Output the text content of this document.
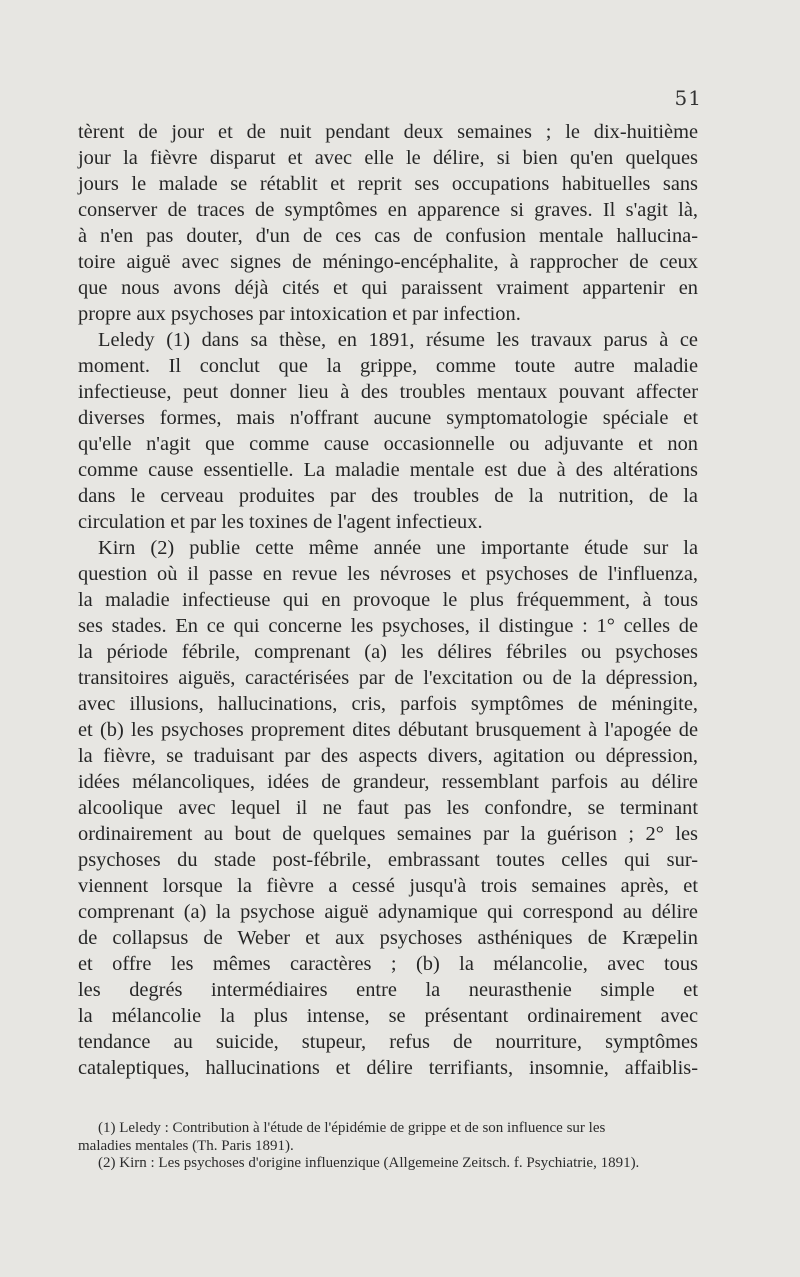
51
tèrent de jour et de nuit pendant deux semaines ; le dix-huitième
jour la fièvre disparut et avec elle le délire, si bien qu'en quelques
jours le malade se rétablit et reprit ses occupations habituelles sans
conserver de traces de symptômes en apparence si graves. Il s'agit là,
à n'en pas douter, d'un de ces cas de confusion mentale hallucina-
toire aiguë avec signes de méningo-encéphalite, à rapprocher de ceux
que nous avons déjà cités et qui paraissent vraiment appartenir en
propre aux psychoses par intoxication et par infection.
Leledy (1) dans sa thèse, en 1891, résume les travaux parus à ce
moment. Il conclut que la grippe, comme toute autre maladie
infectieuse, peut donner lieu à des troubles mentaux pouvant affecter
diverses formes, mais n'offrant aucune symptomatologie spéciale et
qu'elle n'agit que comme cause occasionnelle ou adjuvante et non
comme cause essentielle. La maladie mentale est due à des altérations
dans le cerveau produites par des troubles de la nutrition, de la
circulation et par les toxines de l'agent infectieux.
Kirn (2) publie cette même année une importante étude sur la
question où il passe en revue les névroses et psychoses de l'influenza,
la maladie infectieuse qui en provoque le plus fréquemment, à tous
ses stades. En ce qui concerne les psychoses, il distingue : 1° celles de
la période fébrile, comprenant (a) les délires fébriles ou psychoses
transitoires aiguës, caractérisées par de l'excitation ou de la dépression,
avec illusions, hallucinations, cris, parfois symptômes de méningite,
et (b) les psychoses proprement dites débutant brusquement à l'apogée de
la fièvre, se traduisant par des aspects divers, agitation ou dépression,
idées mélancoliques, idées de grandeur, ressemblant parfois au délire
alcoolique avec lequel il ne faut pas les confondre, se terminant
ordinairement au bout de quelques semaines par la guérison ; 2° les
psychoses du stade post-fébrile, embrassant toutes celles qui sur-
viennent lorsque la fièvre a cessé jusqu'à trois semaines après, et
comprenant (a) la psychose aiguë adynamique qui correspond au délire
de collapsus de Weber et aux psychoses asthéniques de Kræpelin
et offre les mêmes caractères ; (b) la mélancolie, avec tous
les degrés intermédiaires entre la neurasthenie simple et
la mélancolie la plus intense, se présentant ordinairement avec
tendance au suicide, stupeur, refus de nourriture, symptômes
cataleptiques, hallucinations et délire terrifiants, insomnie, affaiblis-
(1) Leledy : Contribution à l'étude de l'épidémie de grippe et de son influence sur les
maladies mentales (Th. Paris 1891).
(2) Kirn : Les psychoses d'origine influenzique (Allgemeine Zeitsch. f. Psychiatrie, 1891).
